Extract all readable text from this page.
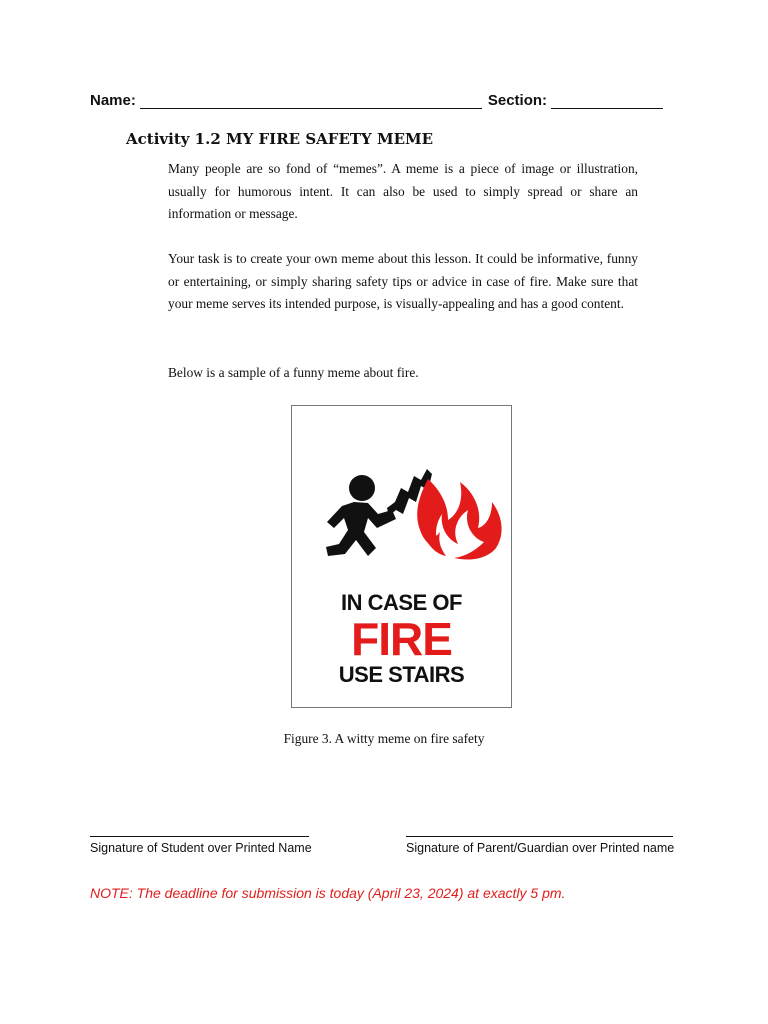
Name:	Section:
Activity 1.2 MY FIRE SAFETY MEME

Many people are so fond of “memes”. A meme is a piece of image or illustration, usually for humorous intent. It can also be used to simply spread or share an information or message.

Your task is to create your own meme about this lesson. It could be informative, funny or entertaining, or simply sharing safety tips or advice in case of fire. Make sure that your meme serves its intended purpose, is visually-appealing and has a good content.

Below is a sample of a funny meme about fire.

IN CASE OF
FIRE
USE STAIRS
Figure 3. A witty meme on fire safety
Signature of Student over Printed Name	Signature of Parent/Guardian over Printed name
NOTE: The deadline for submission is today (April 23, 2024) at exactly 5 pm.
